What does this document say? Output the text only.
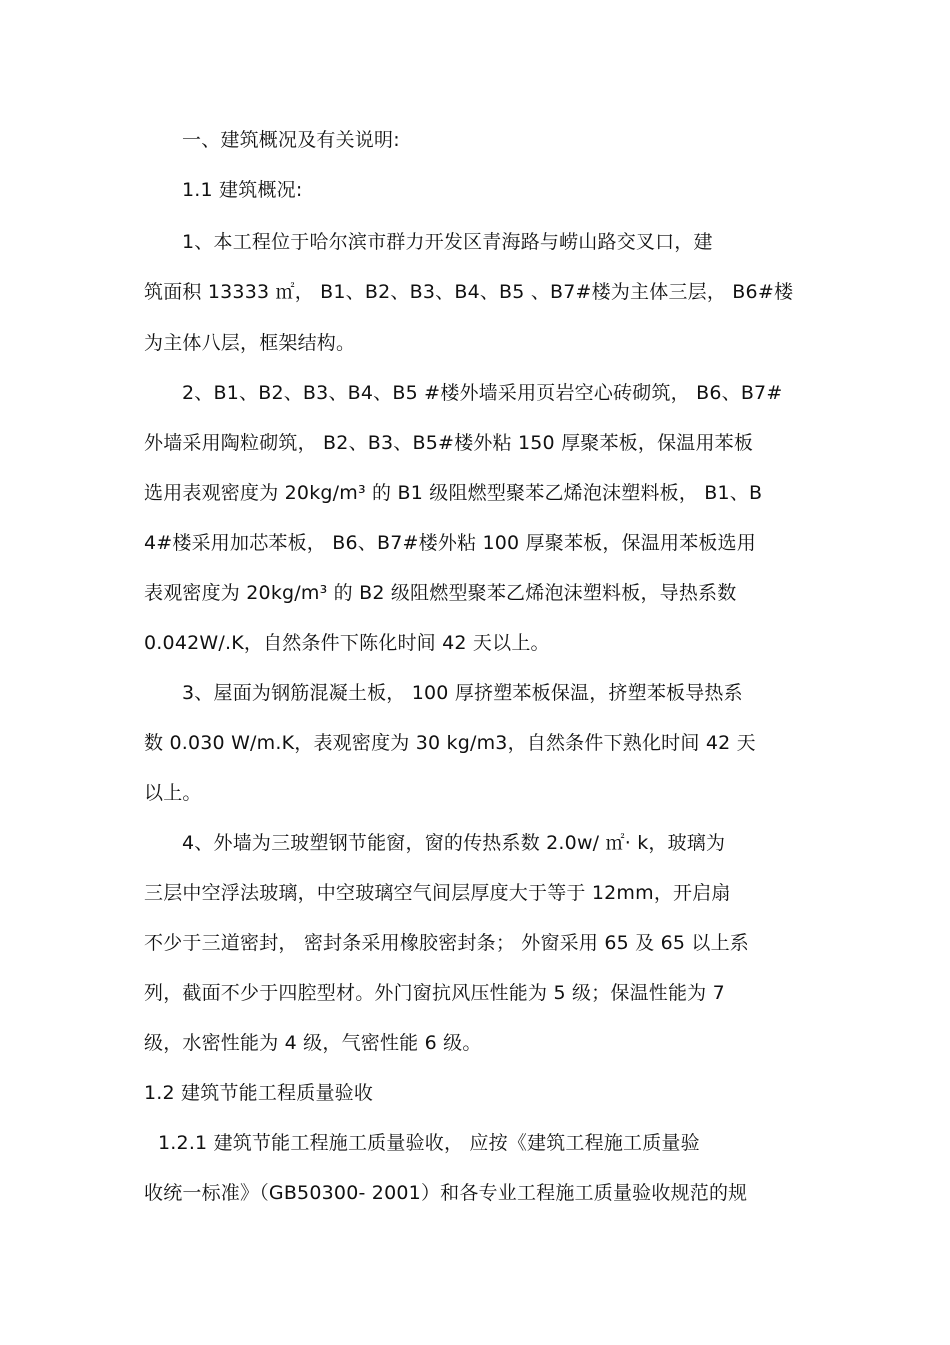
一、建筑概况及有关说明:
1.1 建筑概况:
1、本工程位于哈尔滨市群力开发区青海路与崂山路交叉口，建
筑面积 13333 ㎡， B1、B2、B3、B4、B5 、B7#楼为主体三层， B6#楼
为主体八层，框架结构。
2、B1、B2、B3、B4、B5 #楼外墙采用页岩空心砖砌筑， B6、B7#
外墙采用陶粒砌筑， B2、B3、B5#楼外粘 150 厚聚苯板，保温用苯板
选用表观密度为 20kg/m³ 的 B1 级阻燃型聚苯乙烯泡沫塑料板， B1、B
4#楼采用加芯苯板， B6、B7#楼外粘 100 厚聚苯板，保温用苯板选用
表观密度为 20kg/m³ 的 B2 级阻燃型聚苯乙烯泡沫塑料板，导热系数
0.042W/.K，自然条件下陈化时间 42 天以上。
3、屋面为钢筋混凝土板， 100 厚挤塑苯板保温，挤塑苯板导热系
数 0.030 W/m.K，表观密度为 30 kg/m3，自然条件下熟化时间 42 天
以上。
4、外墙为三玻塑钢节能窗，窗的传热系数 2.0w/ ㎡· k，玻璃为
三层中空浮法玻璃，中空玻璃空气间层厚度大于等于 12mm，开启扇
不少于三道密封， 密封条采用橡胶密封条； 外窗采用 65 及 65 以上系
列，截面不少于四腔型材。外门窗抗风压性能为 5 级；保温性能为 7
级，水密性能为 4 级，气密性能 6 级。
1.2 建筑节能工程质量验收
1.2.1 建筑节能工程施工质量验收， 应按《建筑工程施工质量验
收统一标准》（GB50300- 2001）和各专业工程施工质量验收规范的规
